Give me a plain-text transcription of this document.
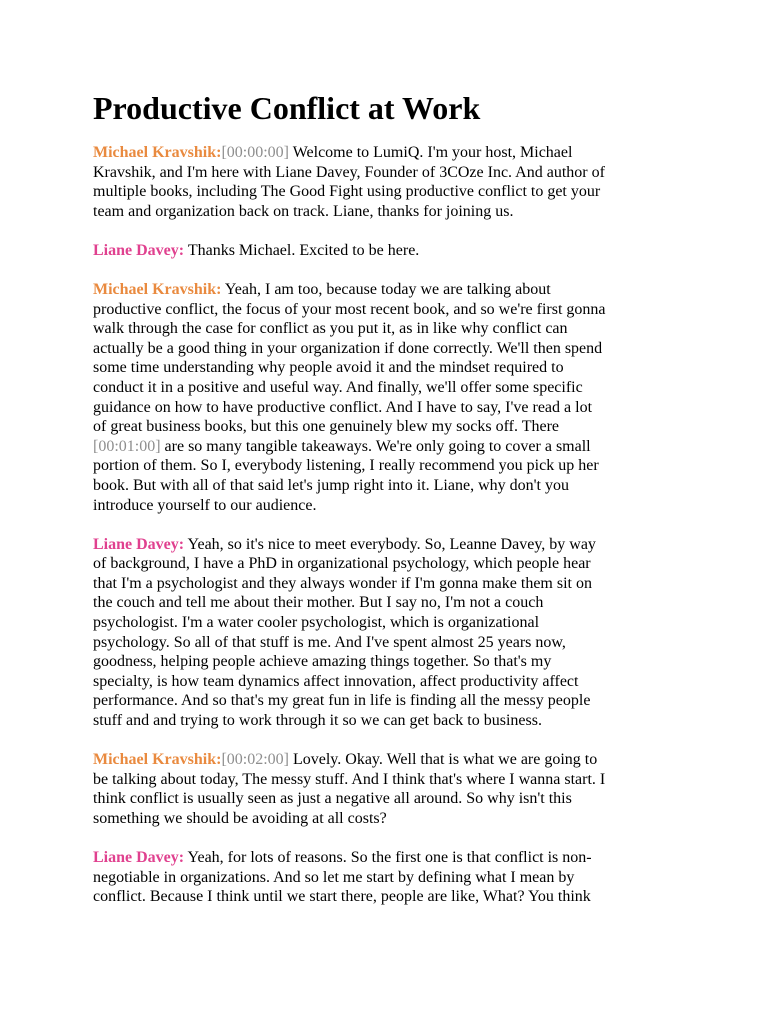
Productive Conflict at Work

Michael Kravshik:[00:00:00] Welcome to LumiQ. I'm your host, Michael
Kravshik, and I'm here with Liane Davey, Founder of 3COze Inc. And author of
multiple books, including The Good Fight using productive conflict to get your
team and organization back on track. Liane, thanks for joining us.

Liane Davey: Thanks Michael. Excited to be here.

Michael Kravshik: Yeah, I am too, because today we are talking about
productive conflict, the focus of your most recent book, and so we're first gonna
walk through the case for conflict as you put it, as in like why conflict can
actually be a good thing in your organization if done correctly. We'll then spend
some time understanding why people avoid it and the mindset required to
conduct it in a positive and useful way. And finally, we'll offer some specific
guidance on how to have productive conflict. And I have to say, I've read a lot
of great business books, but this one genuinely blew my socks off. There
[00:01:00] are so many tangible takeaways. We're only going to cover a small
portion of them. So I, everybody listening, I really recommend you pick up her
book. But with all of that said let's jump right into it. Liane, why don't you
introduce yourself to our audience.

Liane Davey: Yeah, so it's nice to meet everybody. So, Leanne Davey, by way
of background, I have a PhD in organizational psychology, which people hear
that I'm a psychologist and they always wonder if I'm gonna make them sit on
the couch and tell me about their mother. But I say no, I'm not a couch
psychologist. I'm a water cooler psychologist, which is organizational
psychology. So all of that stuff is me. And I've spent almost 25 years now,
goodness, helping people achieve amazing things together. So that's my
specialty, is how team dynamics affect innovation, affect productivity affect
performance. And so that's my great fun in life is finding all the messy people
stuff and and trying to work through it so we can get back to business.

Michael Kravshik:[00:02:00] Lovely. Okay. Well that is what we are going to
be talking about today, The messy stuff. And I think that's where I wanna start. I
think conflict is usually seen as just a negative all around. So why isn't this
something we should be avoiding at all costs?

Liane Davey: Yeah, for lots of reasons. So the first one is that conflict is non-
negotiable in organizations. And so let me start by defining what I mean by
conflict. Because I think until we start there, people are like, What? You think
